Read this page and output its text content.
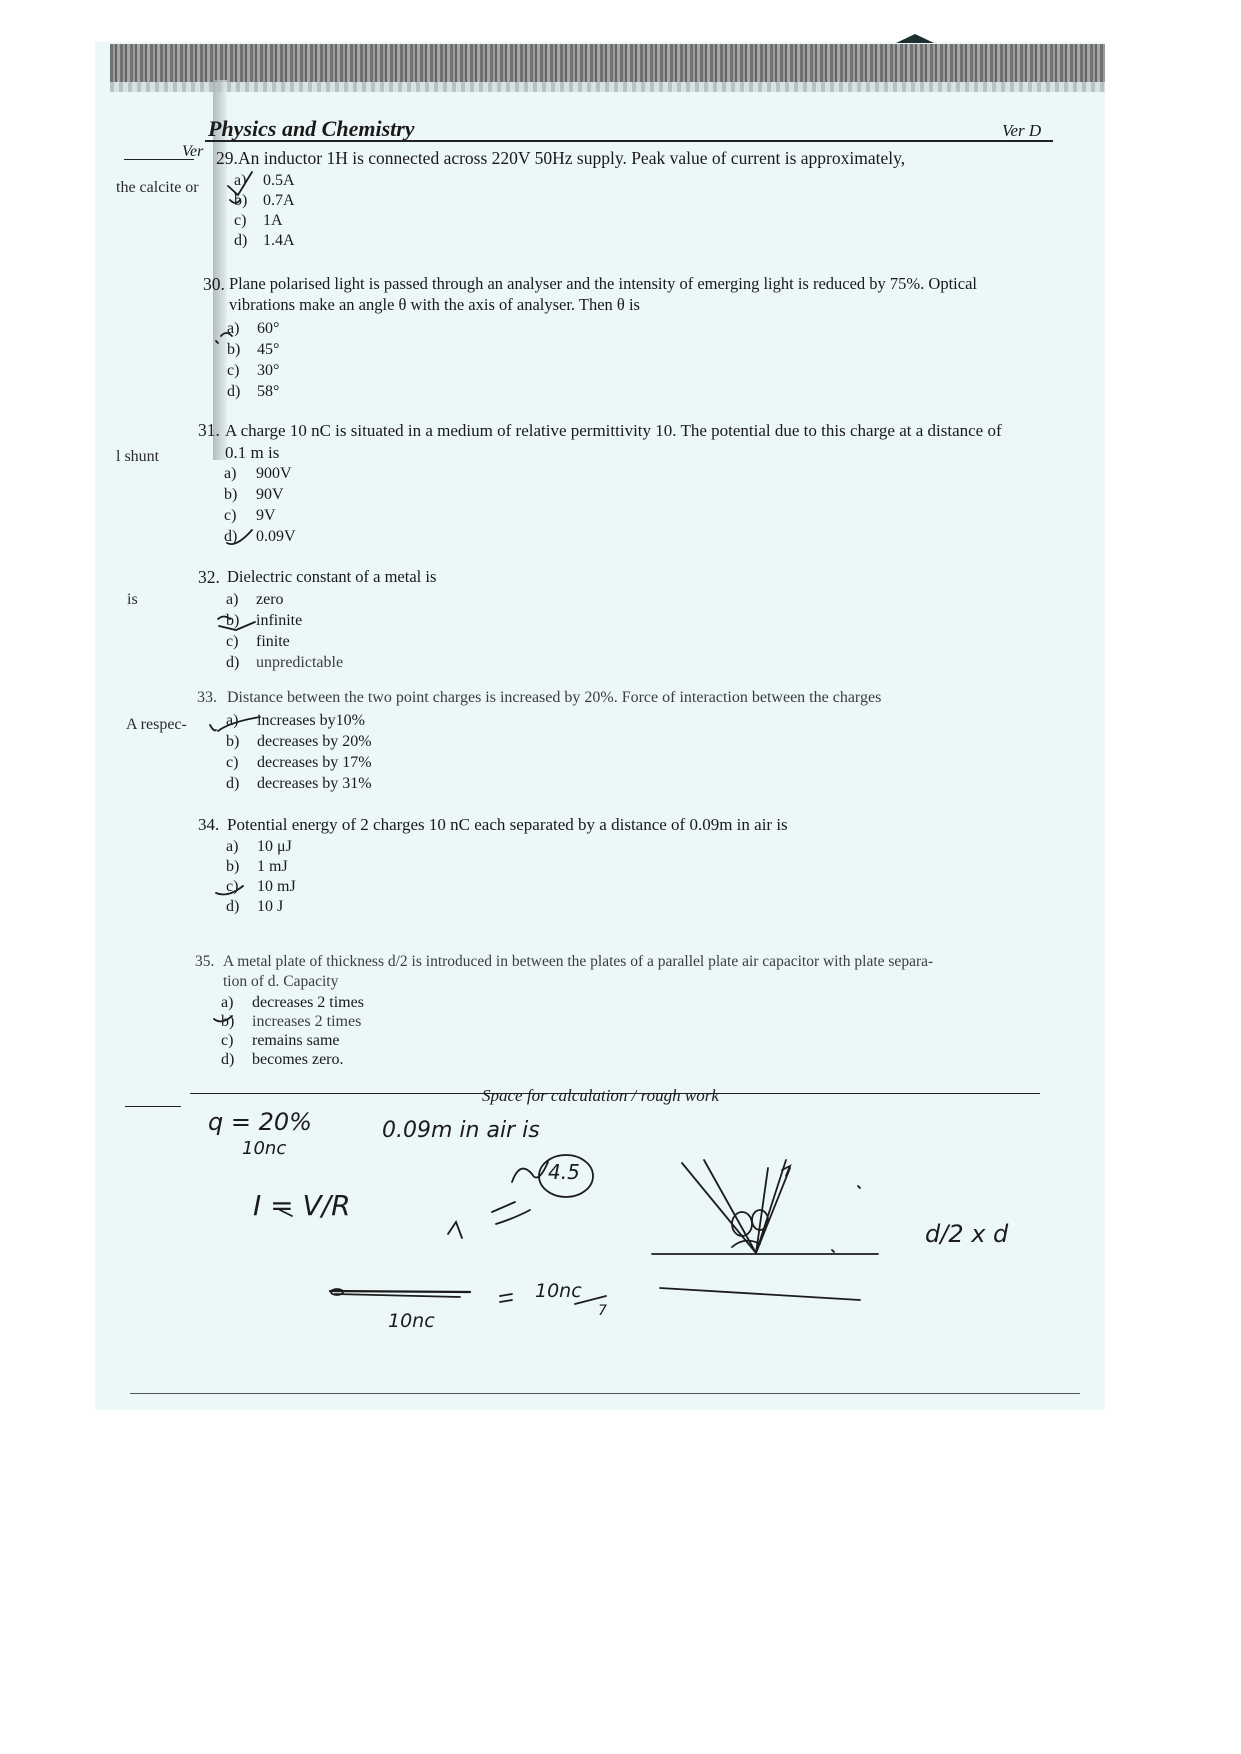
Physics and Chemistry	Ver D
Ver
the calcite or
l shunt
is
A respec-
29. An inductor 1H is connected across 220V 50Hz supply. Peak value of current is approximately,
a) 0.5A
b) 0.7A
c) 1A
d) 1.4A
30. Plane polarised light is passed through an analyser and the intensity of emerging light is reduced by 75%. Optical
vibrations make an angle θ with the axis of analyser. Then θ is
a) 60°
b) 45°
c) 30°
d) 58°
31. A charge 10 nC is situated in a medium of relative permittivity 10. The potential due to this charge at a distance of
0.1 m is
a) 900V
b) 90V
c) 9V
d) 0.09V
32. Dielectric constant of a metal is
a) zero
b) infinite
c) finite
d) unpredictable
33. Distance between the two point charges is increased by 20%. Force of interaction between the charges
a) increases by10%
b) decreases by 20%
c) decreases by 17%
d) decreases by 31%
34. Potential energy of 2 charges 10 nC each separated by a distance of 0.09m in air is
a) 10 μJ
b) 1 mJ
c) 10 mJ
d) 10 J
35. A metal plate of thickness d/2 is introduced in between the plates of a parallel plate air capacitor with plate separa-
tion of d. Capacity
a) decreases 2 times
b) increases 2 times
c) remains same
d) becomes zero.
Space for calculation / rough work
q = 20%
10nc
0.09m in air is
I = V/R
4.5
10nc
10nc
7
d/2 x d
